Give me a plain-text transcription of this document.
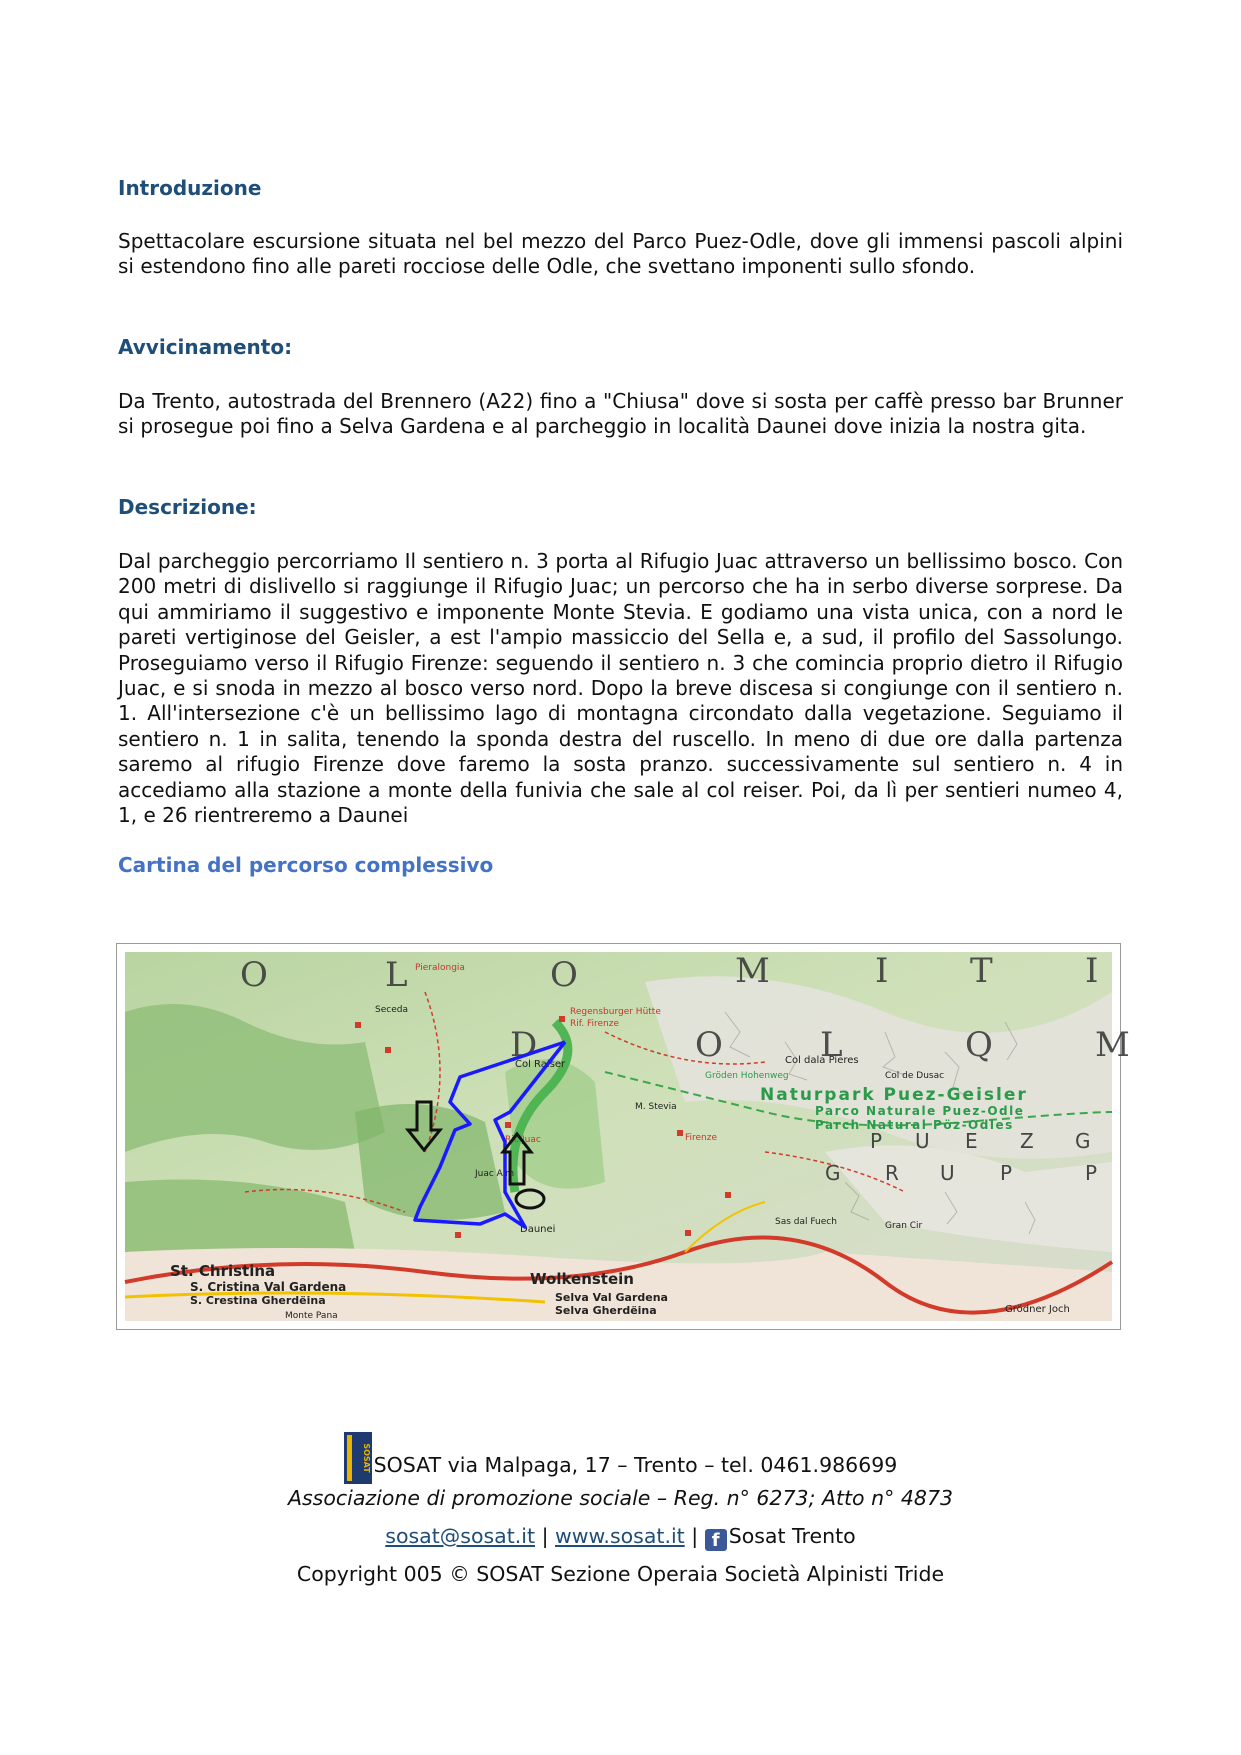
Introduzione

Spettacolare escursione situata nel bel mezzo del Parco Puez-Odle, dove gli immensi pascoli alpini si estendono fino alle pareti rocciose delle Odle, che svettano imponenti sullo sfondo.

Avvicinamento:

Da Trento, autostrada del Brennero (A22) fino a "Chiusa" dove si sosta per caffè presso bar Brunner si prosegue poi fino a Selva Gardena e al parcheggio in località Daunei dove inizia la nostra gita.

Descrizione:

Dal parcheggio percorriamo Il sentiero n. 3 porta al Rifugio Juac attraverso un bellissimo bosco. Con 200 metri di dislivello si raggiunge il Rifugio Juac; un percorso che ha in serbo diverse sorprese. Da qui ammiriamo il suggestivo e imponente Monte Stevia. E godiamo una vista unica, con a nord le pareti vertiginose del Geisler, a est l'ampio massiccio del Sella e, a sud, il profilo del Sassolungo. Proseguiamo verso il Rifugio Firenze: seguendo il sentiero n. 3 che comincia proprio dietro il Rifugio Juac, e si snoda in mezzo al bosco verso nord. Dopo la breve discesa si congiunge con il sentiero n. 1. All'intersezione c'è un bellissimo lago di montagna circondato dalla vegetazione. Seguiamo il sentiero n. 1 in salita, tenendo la sponda destra del ruscello. In meno di due ore dalla partenza saremo al rifugio Firenze dove faremo la sosta pranzo. successivamente sul sentiero n. 4 in accediamo alla stazione a monte della funivia che sale al col reiser. Poi, da lì per sentieri numeo 4, 1, e 26 rientreremo a Daunei

Cartina del percorso complessivo
O	L	O	M	I T	I
D	O	L	Q	M
Naturpark Puez-Geisler
Parco Naturale Puez-Odle
Parch Natural Pöz-Odles
P U E Z G
G R U P	P
Col Raiser
Rif. Juac
Juac Alm
M. Stevia
Col dala Pieres
Col de Dusac
St. Christina
S. Cristina Val Gardena
S. Crestina Gherdëina
Wolkenstein
Selva Val Gardena
Selva Gherdëina
Daunei
Regensburger Hütte
Rif. Firenze
Gröden Hohenweg
Pieralongia
Sas dal Fuech	Gran Cir
Grödner Joch
Monte Pana
Seceda
Firenze

SOSAT SOSAT via Malpaga, 17 – Trento – tel. 0461.986699

Associazione di promozione sociale – Reg. n° 6273; Atto n° 4873

sosat@sosat.it | www.sosat.it | f Sosat Trento

Copyright 005 © SOSAT Sezione Operaia Società Alpinisti Tride
